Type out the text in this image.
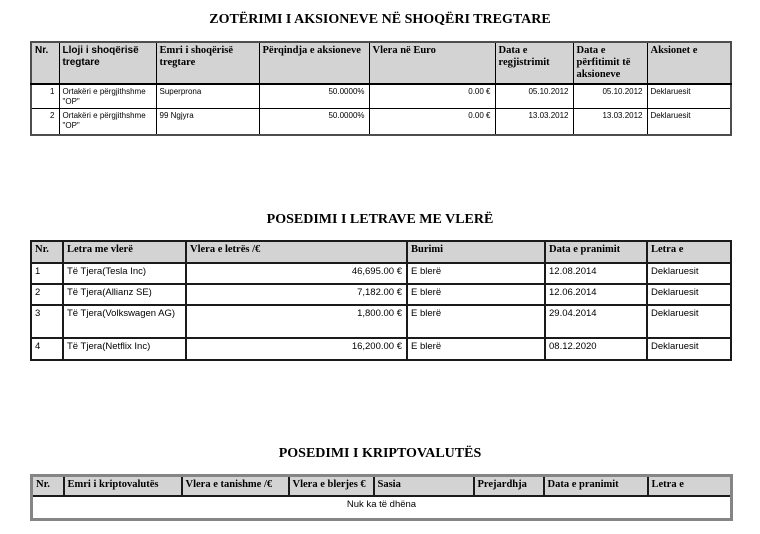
ZOTËRIMI I AKSIONEVE NË SHOQËRI TREGTARE
Nr.	Lloji i shoqërisë tregtare	Emri i shoqërisë tregtare	Përqindja e aksioneve	Vlera në Euro	Data e regjistrimit	Data e përfitimit të aksioneve	Aksionet e
1	Ortakëri e përgjithshme "OP"	Superprona	50.0000%	0.00 €	05.10.2012	05.10.2012	Deklaruesit
2	Ortakëri e përgjithshme "OP"	99 Ngjyra	50.0000%	0.00 €	13.03.2012	13.03.2012	Deklaruesit
POSEDIMI I LETRAVE ME VLERË
Nr.	Letra me vlerë	Vlera e letrës /€	Burimi	Data e pranimit	Letra e
1	Të Tjera(Tesla Inc)	46,695.00 €	E blerë	12.08.2014	Deklaruesit
2	Të Tjera(Allianz SE)	7,182.00 €	E blerë	12.06.2014	Deklaruesit
3	Të Tjera(Volkswagen AG)	1,800.00 €	E blerë	29.04.2014	Deklaruesit
4	Të Tjera(Netflix Inc)	16,200.00 €	E blerë	08.12.2020	Deklaruesit
POSEDIMI I KRIPTOVALUTËS
Nr.	Emri i kriptovalutës	Vlera e tanishme /€	Vlera e blerjes €	Sasia	Prejardhja	Data e pranimit	Letra e
Nuk ka të dhëna
